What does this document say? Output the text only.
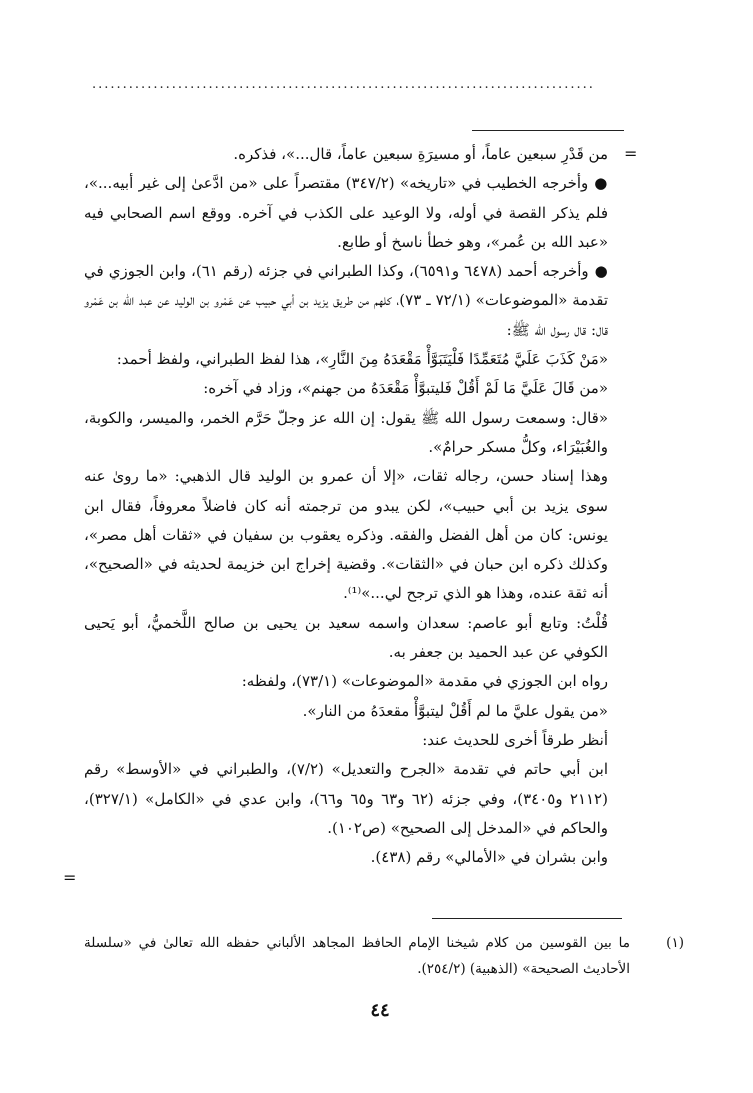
..................................................................................
=

من قَدْرِ سبعين عاماً، أو مسيرَةِ سبعين عاماً، قال...»، فذكره.

●وأخرجه الخطيب في «تاريخه» (٣٤٧/٢) مقتصراً على «من ادَّعىٰ إلى غير أبيه...»، فلم يذكر القصة في أوله، ولا الوعيد على الكذب في آخره. ووقع اسم الصحابي فيه «عبد الله بن عُمر»، وهو خطأ ناسخ أو طابع.

●وأخرجه أحمد (٦٤٧٨ و٦٥٩١)، وكذا الطبراني في جزئه (رقم ٦١)، وابن الجوزي في تقدمة «الموضوعات» (٧٢/١ ـ ٧٣)، كلهم من طريق يزيد بن أبي حبيب عن عَمْرو بن الوليد عن عبد الله بن عَمْرو قال: قال رسول الله ﷺ:

«مَنْ كَذَبَ عَلَيَّ مُتَعَمِّدًا فَلْيَتَبَوَّأْ مَقْعَدَهُ مِنَ النَّارِ»، هذا لفظ الطبراني، ولفظ أحمد:

«من قَالَ عَلَيَّ مَا لَمْ أَقُلْ فَليتبوَّأْ مَقْعَدَهُ من جهنم»، وزاد في آخره:

«قال: وسمعت رسول الله ﷺ يقول: إن الله عز وجلّ حَرَّم الخمر، والميسر، والكوبة، والغُبَيْرَاء، وكلُّ مسكر حرامٌ».

وهذا إسناد حسن، رجاله ثقات، «إلا أن عمرو بن الوليد قال الذهبي: «ما روىٰ عنه سوى يزيد بن أبي حبيب»، لكن يبدو من ترجمته أنه كان فاضلاً معروفاً، فقال ابن يونس: كان من أهل الفضل والفقه. وذكره يعقوب بن سفيان في «ثقات أهل مصر»، وكذلك ذكره ابن حبان في «الثقات». وقضية إخراج ابن خزيمة لحديثه في «الصحيح»، أنه ثقة عنده، وهذا هو الذي ترجح لي...»⁽¹⁾.

قُلْتُ: وتابع أبو عاصم: سعدان واسمه سعيد بن يحيى بن صالح اللَّخميُّ، أبو يَحيى الكوفي عن عبد الحميد بن جعفر به.

رواه ابن الجوزي في مقدمة «الموضوعات» (٧٣/١)، ولفظه:

«من يقول عليَّ ما لم أَقُلْ ليتبوَّأْ مقعدَهُ من النار».

أنظر طرقاً أخرى للحديث عند:

ابن أبي حاتم في تقدمة «الجرح والتعديل» (٧/٢)، والطبراني في «الأوسط» رقم (٢١١٢ و٣٤٠٥)، وفي جزئه (٦٢ و٦٣ و٦٥ و٦٦)، وابن عدي في «الكامل» (٣٢٧/١)، والحاكم في «المدخل إلى الصحيح» (ص١٠٢).

وابن بشران في «الأمالي» رقم (٤٣٨).

=
(١)
ما بين القوسين من كلام شيخنا الإمام الحافظ المجاهد الألباني حفظه الله تعالىٰ في «سلسلة الأحاديث الصحيحة» (الذهبية) (٢٥٤/٢).
٤٤
